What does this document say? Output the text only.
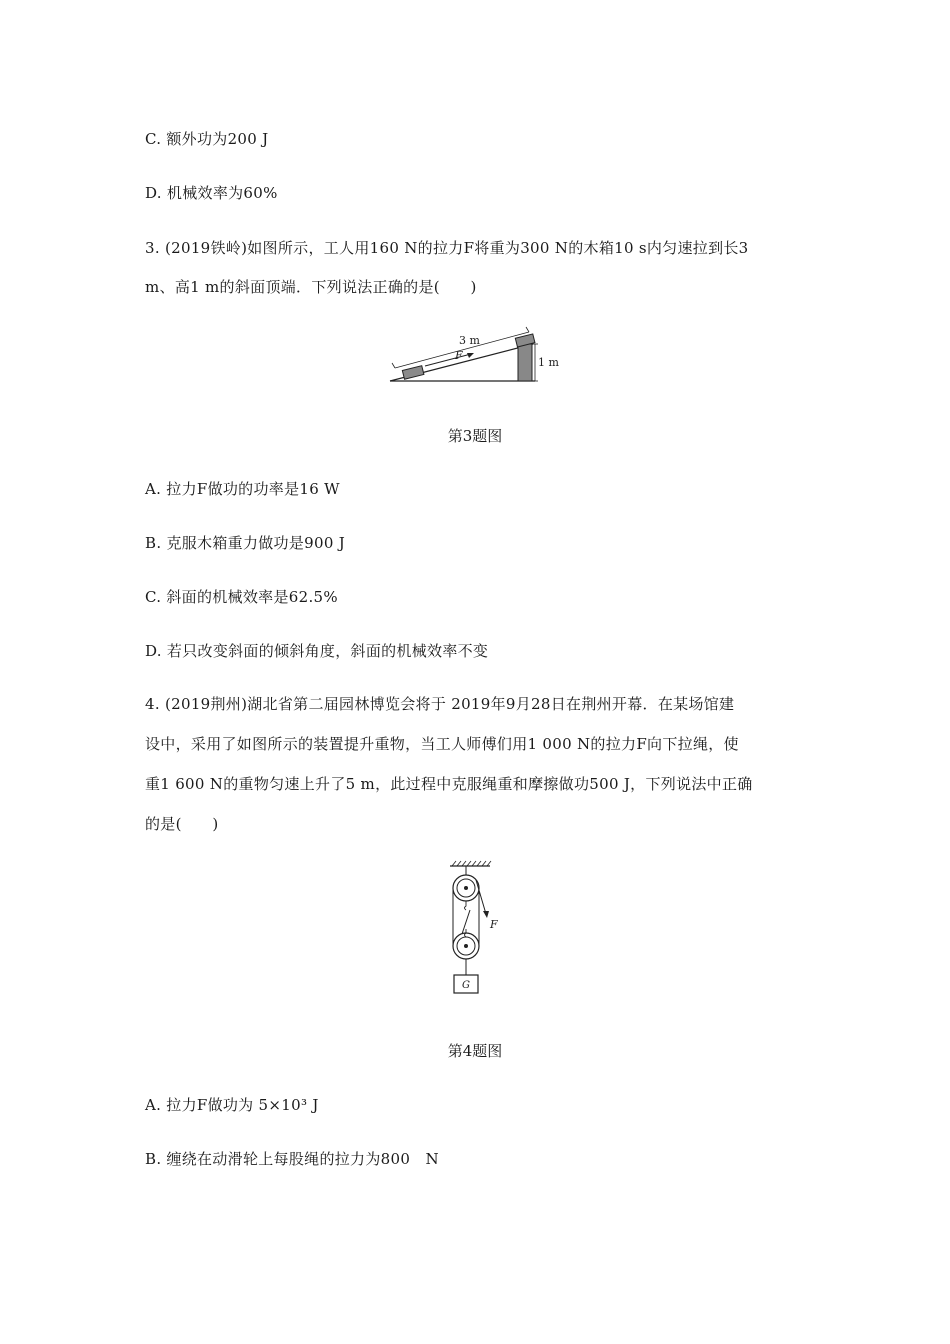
C. 额外功为200 J
D. 机械效率为60%
3. (2019铁岭)如图所示，工人用160 N的拉力F将重为300 N的木箱10 s内匀速拉到长3
m、高1 m的斜面顶端．下列说法正确的是(　　)
3 m
F
1 m
第3题图
A. 拉力F做功的功率是16 W
B. 克服木箱重力做功是900 J
C. 斜面的机械效率是62.5%
D. 若只改变斜面的倾斜角度，斜面的机械效率不变
4. (2019荆州)湖北省第二届园林博览会将于 2019年9月28日在荆州开幕．在某场馆建
设中，采用了如图所示的装置提升重物，当工人师傅们用1 000 N的拉力F向下拉绳，使
重1 600 N的重物匀速上升了5 m，此过程中克服绳重和摩擦做功500 J，下列说法中正确
的是(　　)
F
G
第4题图
A. 拉力F做功为 5×10³ J
B. 缠绕在动滑轮上每股绳的拉力为800　N
